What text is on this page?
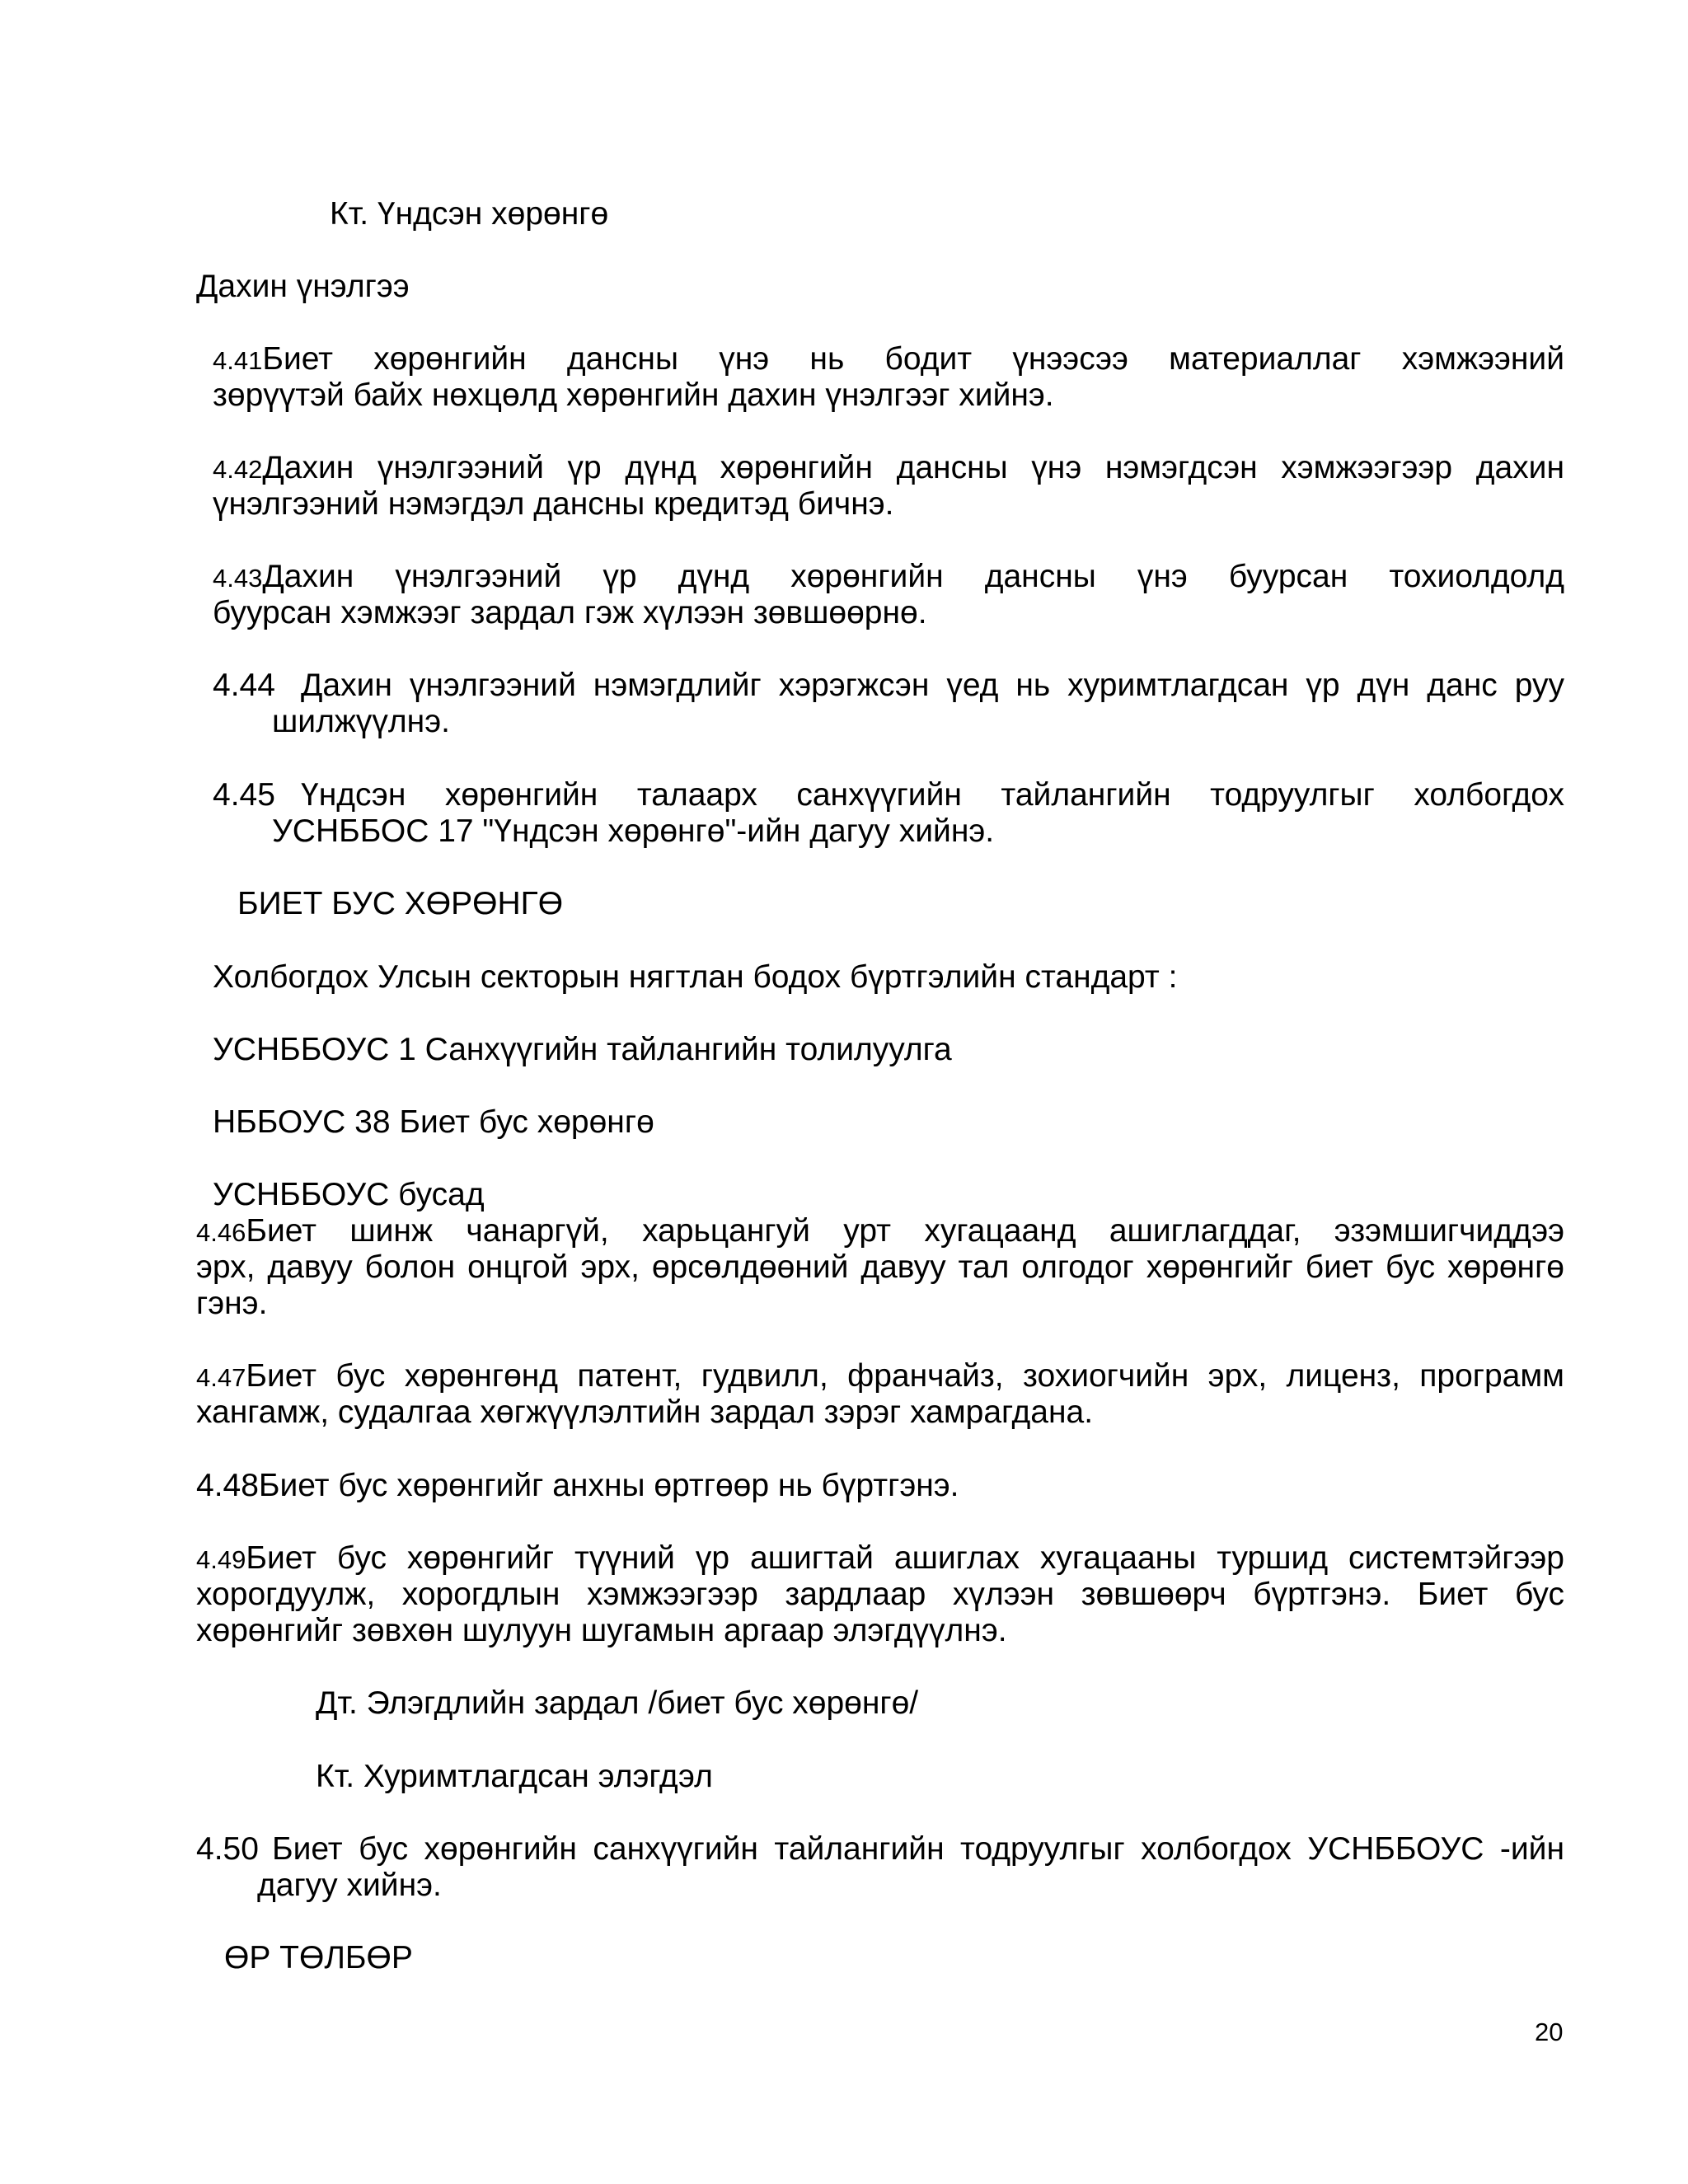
Кт. Үндсэн хөрөнгө
Дахин үнэлгээ
4.41Биет хөрөнгийн дансны үнэ нь бодит үнээсээ материаллаг хэмжээний
зөрүүтэй байх нөхцөлд хөрөнгийн дахин үнэлгээг хийнэ.
4.42Дахин үнэлгээний үр дүнд хөрөнгийн дансны үнэ нэмэгдсэн хэмжээгээр дахин
үнэлгээний нэмэгдэл дансны кредитэд бичнэ.
4.43Дахин үнэлгээний үр дүнд хөрөнгийн дансны үнэ буурсан тохиолдолд
буурсан хэмжээг зардал гэж хүлээн зөвшөөрнө.
4.44 Дахин үнэлгээний нэмэгдлийг хэрэгжсэн үед нь хуримтлагдсан үр дүн данс руу
шилжүүлнэ.
4.45 Үндсэн хөрөнгийн талаарх санхүүгийн тайлангийн тодруулгыг холбогдох
УСНББОС 17 "Үндсэн хөрөнгө"-ийн дагуу хийнэ.
БИЕТ БУС ХӨРӨНГӨ
Холбогдох Улсын секторын нягтлан бодох бүртгэлийн стандарт :
УСНББОУС 1 Санхүүгийн тайлангийн толилуулга
НББОУС 38 Биет бус хөрөнгө
УСНББОУС бусад
4.46Биет шинж чанаргүй, харьцангуй урт хугацаанд ашиглагддаг, эзэмшигчиддээ
эрх, давуу болон онцгой эрх, өрсөлдөөний давуу тал олгодог хөрөнгийг биет бус хөрөнгө
гэнэ.
4.47Биет бус хөрөнгөнд патент, гудвилл, франчайз, зохиогчийн эрх, лиценз, программ
хангамж, судалгаа хөгжүүлэлтийн зардал зэрэг хамрагдана.
4.48Биет бус хөрөнгийг анхны өртгөөр нь бүртгэнэ.
4.49Биет бус хөрөнгийг түүний үр ашигтай ашиглах хугацааны туршид системтэйгээр
хорогдуулж, хорогдлын хэмжээгээр зардлаар хүлээн зөвшөөрч бүртгэнэ. Биет бус
хөрөнгийг зөвхөн шулуун шугамын аргаар элэгдүүлнэ.
Дт. Элэгдлийн зардал /биет бус хөрөнгө/
Кт. Хуримтлагдсан элэгдэл
4.50 Биет бус хөрөнгийн санхүүгийн тайлангийн тодруулгыг холбогдох УСНББОУС -ийн
дагуу хийнэ.
ӨР ТӨЛБӨР
20
